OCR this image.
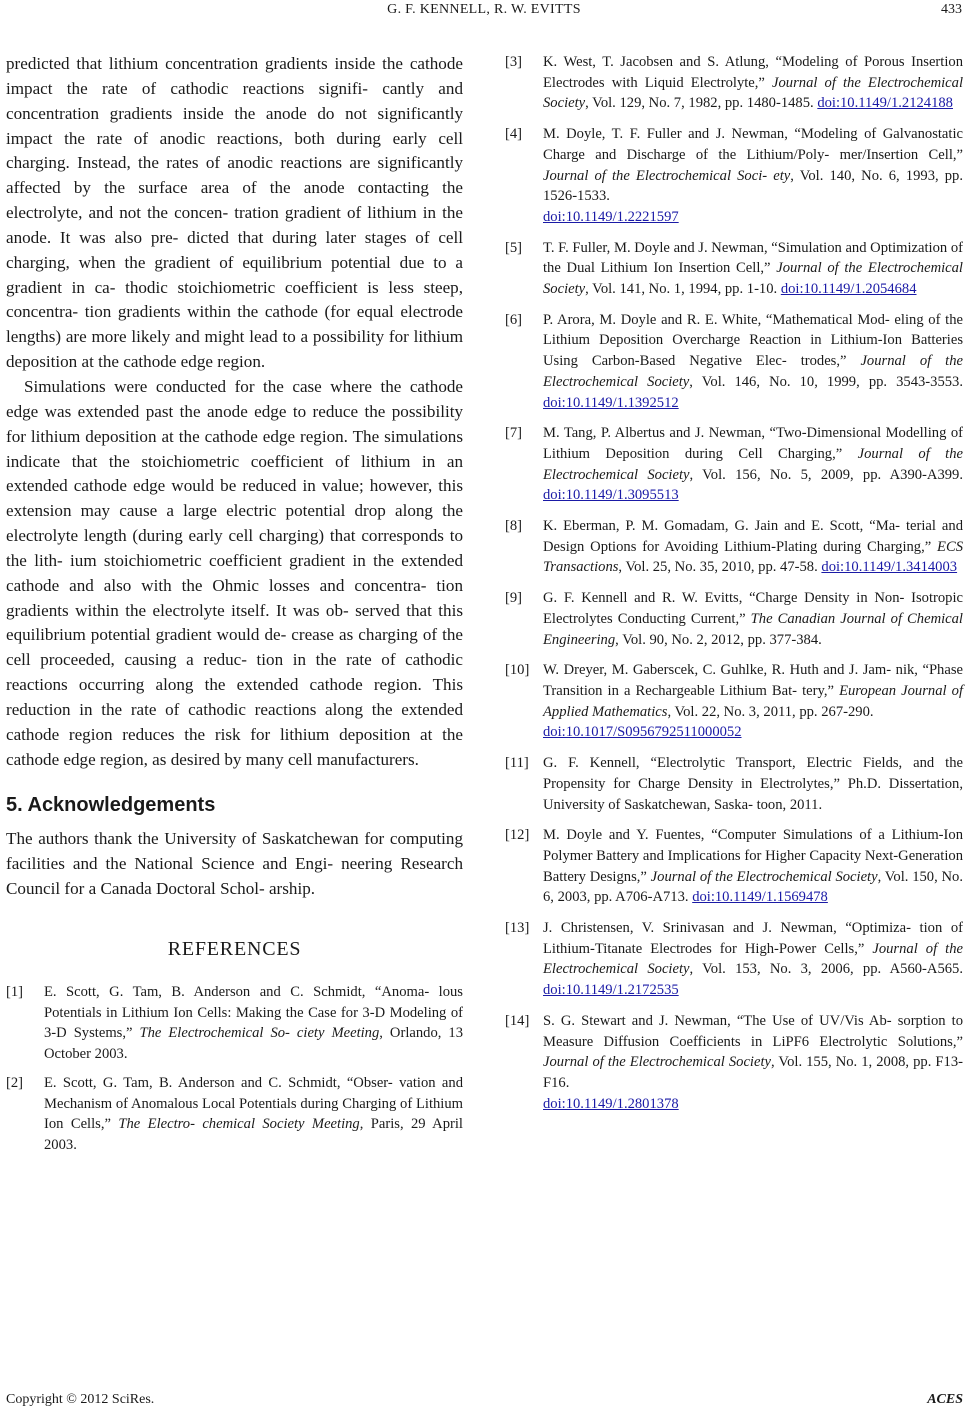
G. F. KENNELL, R. W. EVITTS	433

predicted that lithium concentration gradients inside the cathode impact the rate of cathodic reactions signifi- cantly and concentration gradients inside the anode do not significantly impact the rate of anodic reactions, both during early cell charging. Instead, the rates of anodic reactions are significantly affected by the surface area of the anode contacting the electrolyte, and not the concen- tration gradient of lithium in the anode. It was also pre- dicted that during later stages of cell charging, when the gradient of equilibrium potential due to a gradient in ca- thodic stoichiometric coefficient is less steep, concentra- tion gradients within the cathode (for equal electrode lengths) are more likely and might lead to a possibility for lithium deposition at the cathode edge region.

Simulations were conducted for the case where the cathode edge was extended past the anode edge to reduce the possibility for lithium deposition at the cathode edge region. The simulations indicate that the stoichiometric coefficient of lithium in an extended cathode edge would be reduced in value; however, this extension may cause a large electric potential drop along the electrolyte length (during early cell charging) that corresponds to the lith- ium stoichiometric coefficient gradient in the extended cathode and also with the Ohmic losses and concentra- tion gradients within the electrolyte itself. It was ob- served that this equilibrium potential gradient would de- crease as charging of the cell proceeded, causing a reduc- tion in the rate of cathodic reactions occurring along the extended cathode region. This reduction in the rate of cathodic reactions along the extended cathode region reduces the risk for lithium deposition at the cathode edge region, as desired by many cell manufacturers.

5. Acknowledgements

The authors thank the University of Saskatchewan for computing facilities and the National Science and Engi- neering Research Council for a Canada Doctoral Schol- arship.

REFERENCES
[1] E. Scott, G. Tam, B. Anderson and C. Schmidt, “Anoma- lous Potentials in Lithium Ion Cells: Making the Case for 3-D Modeling of 3-D Systems,” The Electrochemical So- ciety Meeting, Orlando, 13 October 2003.
[2] E. Scott, G. Tam, B. Anderson and C. Schmidt, “Obser- vation and Mechanism of Anomalous Local Potentials during Charging of Lithium Ion Cells,” The Electro- chemical Society Meeting, Paris, 29 April 2003.
[3] K. West, T. Jacobsen and S. Atlung, “Modeling of Porous Insertion Electrodes with Liquid Electrolyte,” Journal of the Electrochemical Society, Vol. 129, No. 7, 1982, pp. 1480-1485. doi:10.1149/1.2124188
[4] M. Doyle, T. F. Fuller and J. Newman, “Modeling of Galvanostatic Charge and Discharge of the Lithium/Poly- mer/Insertion Cell,” Journal of the Electrochemical Soci- ety, Vol. 140, No. 6, 1993, pp. 1526-1533.
doi:10.1149/1.2221597
[5] T. F. Fuller, M. Doyle and J. Newman, “Simulation and Optimization of the Dual Lithium Ion Insertion Cell,” Journal of the Electrochemical Society, Vol. 141, No. 1, 1994, pp. 1-10. doi:10.1149/1.2054684
[6] P. Arora, M. Doyle and R. E. White, “Mathematical Mod- eling of the Lithium Deposition Overcharge Reaction in Lithium-Ion Batteries Using Carbon-Based Negative Elec- trodes,” Journal of the Electrochemical Society, Vol. 146, No. 10, 1999, pp. 3543-3553. doi:10.1149/1.1392512
[7] M. Tang, P. Albertus and J. Newman, “Two-Dimensional Modelling of Lithium Deposition during Cell Charging,” Journal of the Electrochemical Society, Vol. 156, No. 5, 2009, pp. A390-A399. doi:10.1149/1.3095513
[8] K. Eberman, P. M. Gomadam, G. Jain and E. Scott, “Ma- terial and Design Options for Avoiding Lithium-Plating during Charging,” ECS Transactions, Vol. 25, No. 35, 2010, pp. 47-58. doi:10.1149/1.3414003
[9] G. F. Kennell and R. W. Evitts, “Charge Density in Non- Isotropic Electrolytes Conducting Current,” The Canadian Journal of Chemical Engineering, Vol. 90, No. 2, 2012, pp. 377-384.
[10] W. Dreyer, M. Gaberscek, C. Guhlke, R. Huth and J. Jam- nik, “Phase Transition in a Rechargeable Lithium Bat- tery,” European Journal of Applied Mathematics, Vol. 22, No. 3, 2011, pp. 267-290.
doi:10.1017/S0956792511000052
[11] G. F. Kennell, “Electrolytic Transport, Electric Fields, and the Propensity for Charge Density in Electrolytes,” Ph.D. Dissertation, University of Saskatchewan, Saska- toon, 2011.
[12] M. Doyle and Y. Fuentes, “Computer Simulations of a Lithium-Ion Polymer Battery and Implications for Higher Capacity Next-Generation Battery Designs,” Journal of the Electrochemical Society, Vol. 150, No. 6, 2003, pp. A706-A713. doi:10.1149/1.1569478
[13] J. Christensen, V. Srinivasan and J. Newman, “Optimiza- tion of Lithium-Titanate Electrodes for High-Power Cells,” Journal of the Electrochemical Society, Vol. 153, No. 3, 2006, pp. A560-A565. doi:10.1149/1.2172535
[14] S. G. Stewart and J. Newman, “The Use of UV/Vis Ab- sorption to Measure Diffusion Coefficients in LiPF6 Electrolytic Solutions,” Journal of the Electrochemical Society, Vol. 155, No. 1, 2008, pp. F13-F16.
doi:10.1149/1.2801378
Copyright © 2012 SciRes.	ACES
